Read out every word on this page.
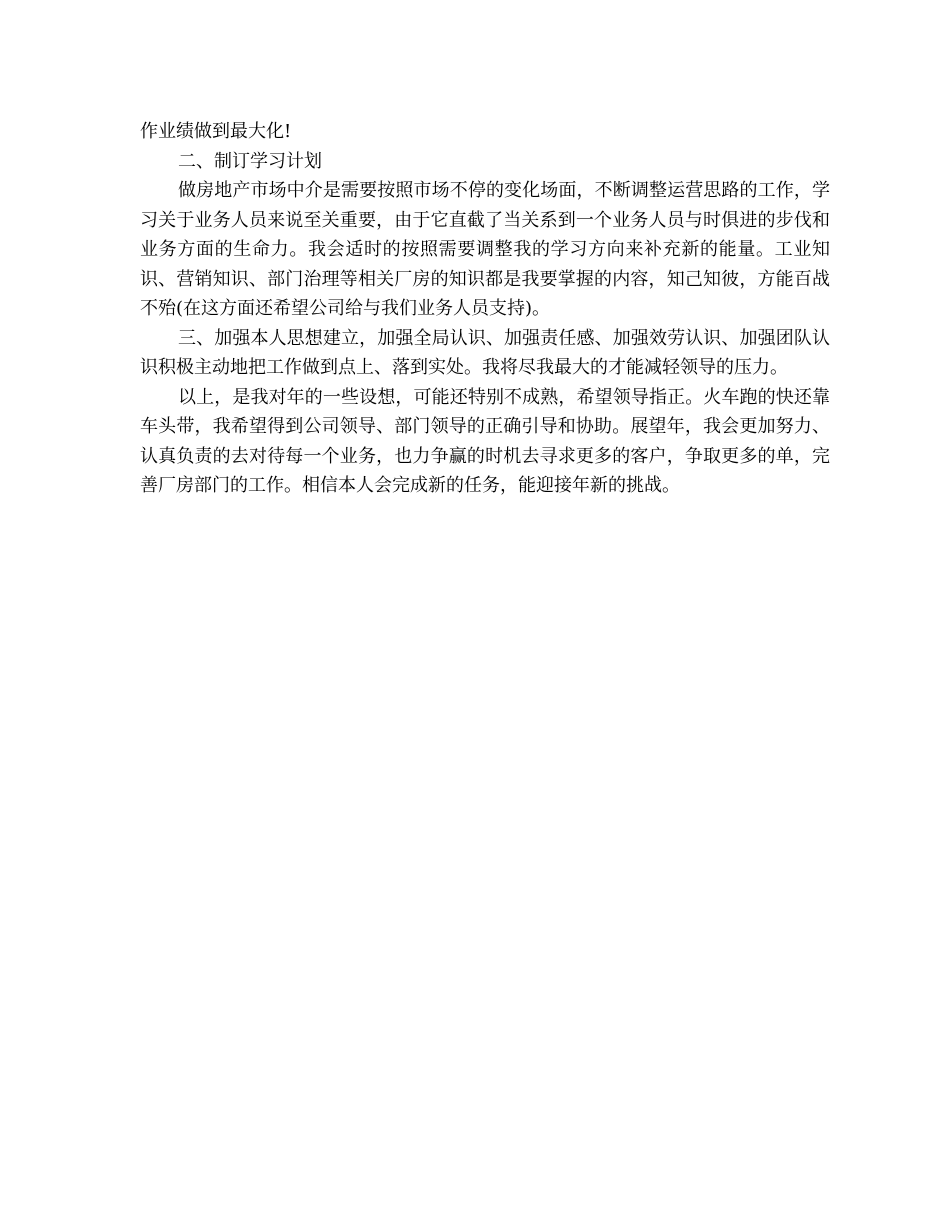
作业绩做到最大化!

二、制订学习计划

做房地产市场中介是需要按照市场不停的变化场面，不断调整运营思路的工作，学习关于业务人员来说至关重要，由于它直截了当关系到一个业务人员与时俱进的步伐和业务方面的生命力。我会适时的按照需要调整我的学习方向来补充新的能量。工业知识、营销知识、部门治理等相关厂房的知识都是我要掌握的内容，知己知彼，方能百战不殆(在这方面还希望公司给与我们业务人员支持)。

三、加强本人思想建立，加强全局认识、加强责任感、加强效劳认识、加强团队认识积极主动地把工作做到点上、落到实处。我将尽我最大的才能减轻领导的压力。

以上，是我对年的一些设想，可能还特别不成熟，希望领导指正。火车跑的快还靠车头带，我希望得到公司领导、部门领导的正确引导和协助。展望年，我会更加努力、认真负责的去对待每一个业务，也力争赢的时机去寻求更多的客户，争取更多的单，完善厂房部门的工作。相信本人会完成新的任务，能迎接年新的挑战。
